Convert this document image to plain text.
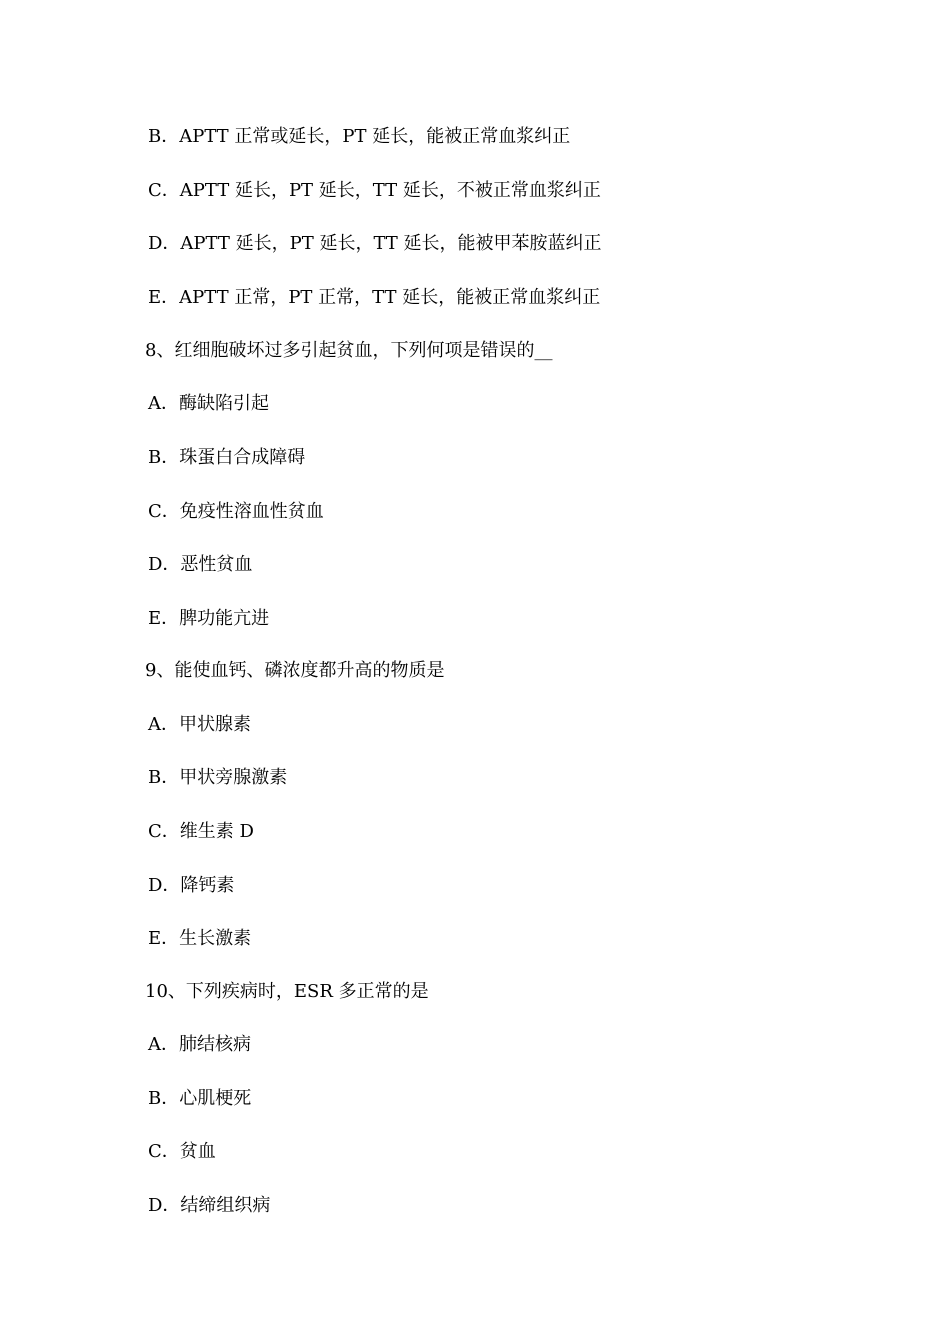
B．APTT 正常或延长，PT 延长，能被正常血浆纠正
C．APTT 延长，PT 延长，TT 延长，不被正常血浆纠正
D．APTT 延长，PT 延长，TT 延长，能被甲苯胺蓝纠正
E．APTT 正常，PT 正常，TT 延长，能被正常血浆纠正
8、红细胞破坏过多引起贫血，下列何项是错误的__
A．酶缺陷引起
B．珠蛋白合成障碍
C．免疫性溶血性贫血
D．恶性贫血
E．脾功能亢进
9、能使血钙、磷浓度都升高的物质是
A．甲状腺素
B．甲状旁腺激素
C．维生素 D
D．降钙素
E．生长激素
10、下列疾病时，ESR 多正常的是
A．肺结核病
B．心肌梗死
C．贫血
D．结缔组织病
